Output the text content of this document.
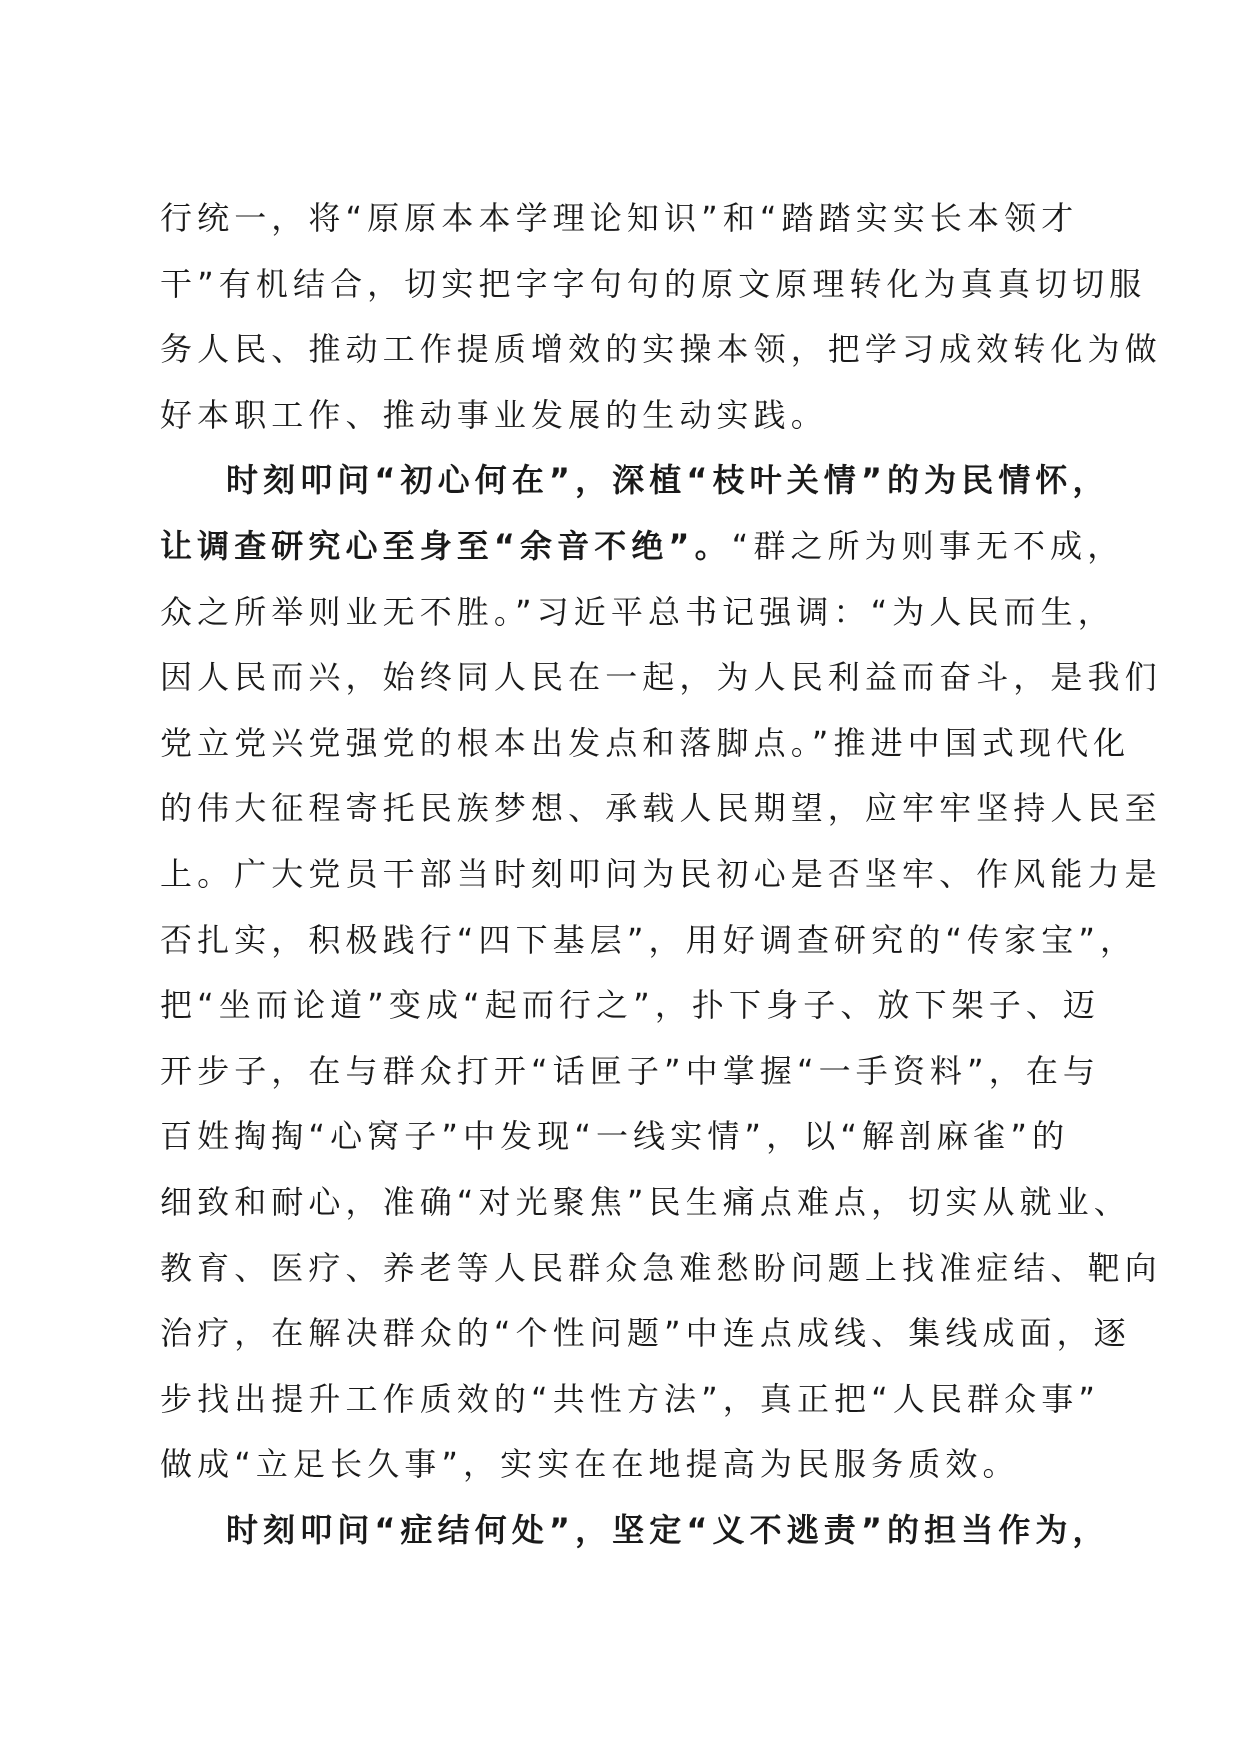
行统一，将“原原本本学理论知识”和“踏踏实实长本领才
干”有机结合，切实把字字句句的原文原理转化为真真切切服
务人民、推动工作提质增效的实操本领，把学习成效转化为做
好本职工作、推动事业发展的生动实践。
时刻叩问“初心何在”，深植“枝叶关情”的为民情怀，
让调查研究心至身至“余音不绝”。“群之所为则事无不成，
众之所举则业无不胜。”习近平总书记强调：“为人民而生，
因人民而兴，始终同人民在一起，为人民利益而奋斗，是我们
党立党兴党强党的根本出发点和落脚点。”推进中国式现代化
的伟大征程寄托民族梦想、承载人民期望，应牢牢坚持人民至
上。广大党员干部当时刻叩问为民初心是否坚牢、作风能力是
否扎实，积极践行“四下基层”，用好调查研究的“传家宝”，
把“坐而论道”变成“起而行之”，扑下身子、放下架子、迈
开步子，在与群众打开“话匣子”中掌握“一手资料”，在与
百姓掏掏“心窝子”中发现“一线实情”，以“解剖麻雀”的
细致和耐心，准确“对光聚焦”民生痛点难点，切实从就业、
教育、医疗、养老等人民群众急难愁盼问题上找准症结、靶向
治疗，在解决群众的“个性问题”中连点成线、集线成面，逐
步找出提升工作质效的“共性方法”，真正把“人民群众事”
做成“立足长久事”，实实在在地提高为民服务质效。
时刻叩问“症结何处”，坚定“义不逃责”的担当作为，
